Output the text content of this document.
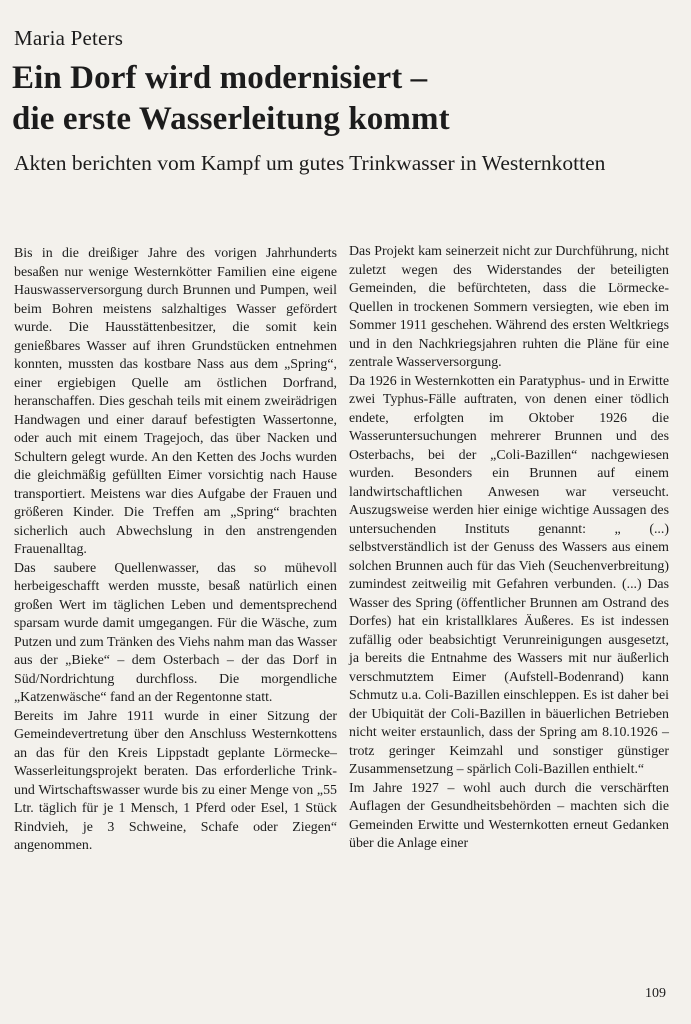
Maria Peters
Ein Dorf wird modernisiert –
die erste Wasserleitung kommt
Akten berichten vom Kampf um gutes Trinkwasser in Westernkotten

Bis in die dreißiger Jahre des vorigen Jahrhunderts besaßen nur wenige Westernkötter Familien eine eigene Hauswasserversorgung durch Brunnen und Pumpen, weil beim Bohren meistens salzhaltiges Wasser gefördert wurde. Die Hausstättenbesitzer, die somit kein genießbares Wasser auf ihren Grundstücken entnehmen konnten, mussten das kostbare Nass aus dem „Spring“, einer ergiebigen Quelle am östlichen Dorfrand, heranschaffen. Dies geschah teils mit einem zweirädrigen Handwagen und einer darauf befestigten Wassertonne, oder auch mit einem Tragejoch, das über Nacken und Schultern gelegt wurde. An den Ketten des Jochs wurden die gleichmäßig gefüllten Eimer vorsichtig nach Hause transportiert. Meistens war dies Aufgabe der Frauen und größeren Kinder. Die Treffen am „Spring“ brachten sicherlich auch Abwechslung in den anstrengenden Frauenalltag.

Das saubere Quellenwasser, das so mühevoll herbeigeschafft werden musste, besaß natürlich einen großen Wert im täglichen Leben und dementsprechend sparsam wurde damit umgegangen. Für die Wäsche, zum Putzen und zum Tränken des Viehs nahm man das Wasser aus der „Bieke“ – dem Osterbach – der das Dorf in Süd/Nordrichtung durchfloss. Die morgendliche „Katzenwäsche“ fand an der Regentonne statt.

Bereits im Jahre 1911 wurde in einer Sitzung der Gemeindevertretung über den Anschluss Westernkottens an das für den Kreis Lippstadt geplante Lörmecke–Wasserleitungsprojekt beraten. Das erforderliche Trink- und Wirtschaftswasser wurde bis zu einer Menge von „55 Ltr. täglich für je 1 Mensch, 1 Pferd oder Esel, 1 Stück Rindvieh, je 3 Schweine, Schafe oder Ziegen“ angenommen.

Das Projekt kam seinerzeit nicht zur Durchführung, nicht zuletzt wegen des Widerstandes der beteiligten Gemeinden, die befürchteten, dass die Lörmecke-Quellen in trockenen Sommern versiegten, wie eben im Sommer 1911 geschehen. Während des ersten Weltkriegs und in den Nachkriegsjahren ruhten die Pläne für eine zentrale Wasserversorgung.

Da 1926 in Westernkotten ein Paratyphus- und in Erwitte zwei Typhus-Fälle auftraten, von denen einer tödlich endete, erfolgten im Oktober 1926 die Wasseruntersuchungen mehrerer Brunnen und des Osterbachs, bei der „Coli-Bazillen“ nachgewiesen wurden. Besonders ein Brunnen auf einem landwirtschaftlichen Anwesen war verseucht. Auszugsweise werden hier einige wichtige Aussagen des untersuchenden Instituts genannt: „ (...) selbstverständlich ist der Genuss des Wassers aus einem solchen Brunnen auch für das Vieh (Seuchenverbreitung) zumindest zeitweilig mit Gefahren verbunden. (...) Das Wasser des Spring (öffentlicher Brunnen am Ostrand des Dorfes) hat ein kristallklares Äußeres. Es ist indessen zufällig oder beabsichtigt Verunreinigungen ausgesetzt, ja bereits die Entnahme des Wassers mit nur äußerlich verschmutztem Eimer (Aufstell-Bodenrand) kann Schmutz u.a. Coli-Bazillen einschleppen. Es ist daher bei der Ubiquität der Coli-Bazillen in bäuerlichen Betrieben nicht weiter erstaunlich, dass der Spring am 8.10.1926 – trotz geringer Keimzahl und sonstiger günstiger Zusammensetzung – spärlich Coli-Bazillen enthielt.“

Im Jahre 1927 – wohl auch durch die verschärften Auflagen der Gesundheitsbehörden – machten sich die Gemeinden Erwitte und Westernkotten erneut Gedanken über die Anlage einer

109
